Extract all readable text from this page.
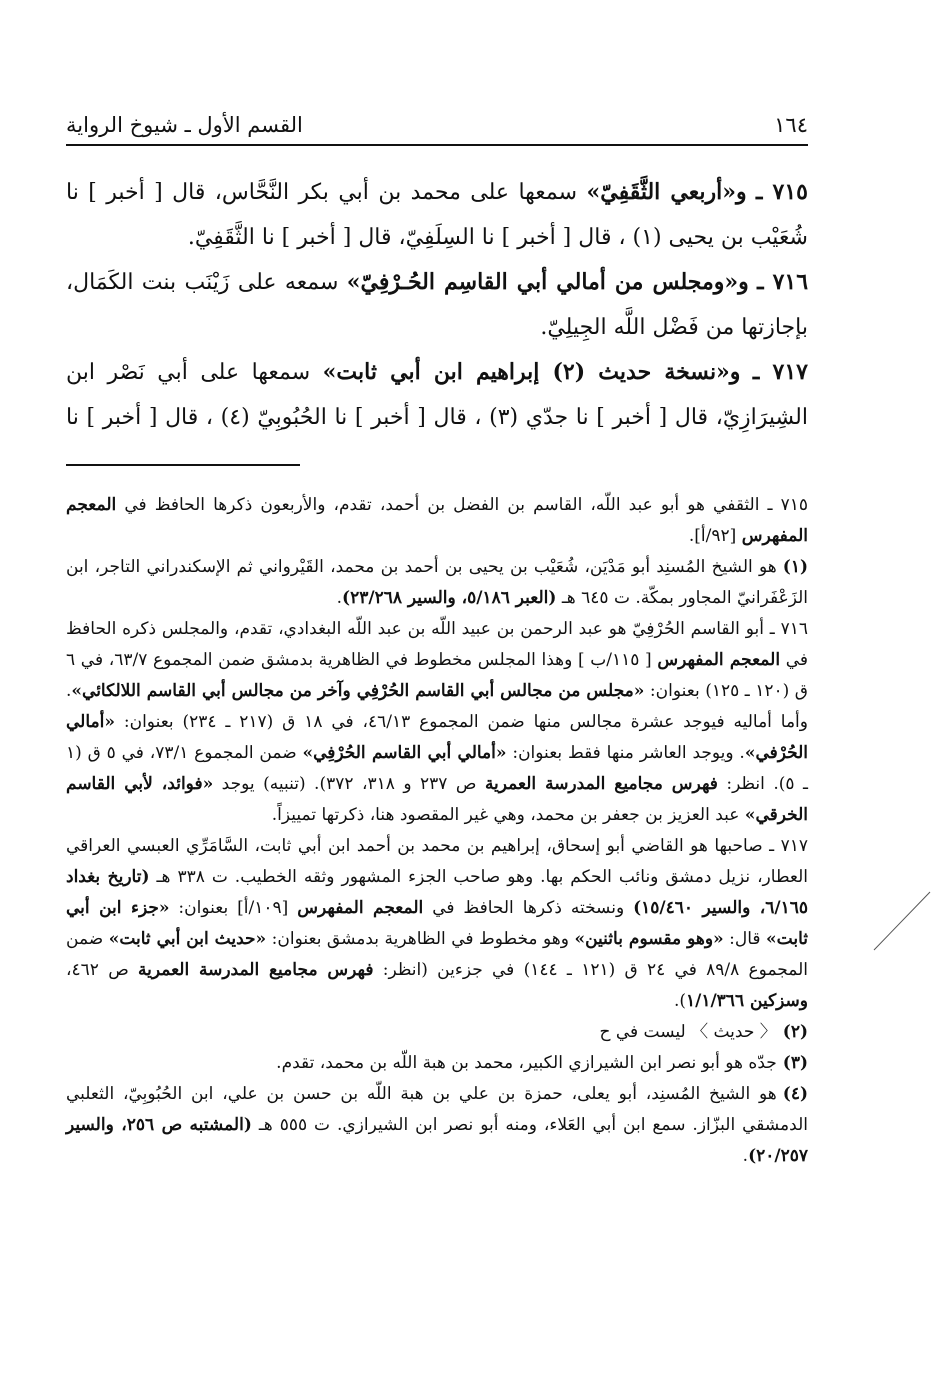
١٦٤
القسم الأول ـ شيوخ الرواية

٧١٥ ـ و«أربعي الثَّقَفِيّ» سمعها على محمد بن أبي بكر النَّحَّاس، قال [ أخبر ] نا شُعَيْب بن يحيى (١) ، قال [ أخبر ] نا السِلَفِيّ، قال [ أخبر ] نا الثَّقَفِيّ.

٧١٦ ـ و«ومجلس من أمالي أبي القاسِم الحُـرْفِيّ» سمعه على زَيْنَب بنت الكَمَال، بإجازتها من فَضْل اللَّه الجِيلِيّ.

٧١٧ ـ و«نسخة حديث (٢) إبراهيم ابن أبي ثابت» سمعها على أبي نَصْر ابن الشِيرَازِيّ، قال [ أخبر ] نا جدّي (٣) ، قال [ أخبر ] نا الحُبُوبِيّ (٤) ، قال [ أخبر ] نا

٧١٥ ـ الثقفي هو أبو عبد اللّه، القاسم بن الفضل بن أحمد، تقدم، والأربعون ذكرها الحافظ في المعجم المفهرس [٩٢/أ].

(١)هو الشيخ المُسنِد أبو مَدْيَن، شُعَيْب بن يحيى بن أحمد بن محمد، القَيْرواني ثم الإسكندراني التاجر، ابن الزَعْفَرانيّ المجاور بمكّة. ت ٦٤٥ هـ (العبر ٥/١٨٦، والسير ٢٣/٢٦٨).

٧١٦ ـ أبو القاسم الحُرْفِيّ هو عبد الرحمن بن عبيد اللّه بن عبد اللّه البغدادي، تقدم، والمجلس ذكره الحافظ في المعجم المفهرس [ ١١٥/ب ] وهذا المجلس مخطوط في الظاهرية بدمشق ضمن المجموع ٦٣/٧، في ٦ ق (١٢٠ ـ ١٢٥) بعنوان: «مجلس من مجالس أبي القاسم الحُرْفِي وآخر من مجالس أبي القاسم اللالكائي». وأما أماليه فيوجد عشرة مجالس منها ضمن المجموع ٤٦/١٣، في ١٨ ق (٢١٧ ـ ٢٣٤) بعنوان: «أمالي الحُرْفي». ويوجد العاشر منها فقط بعنوان: «أمالي أبي القاسم الحُرْفِي» ضمن المجموع ٧٣/١، في ٥ ق (١ ـ ٥). انظر: فهرس مجاميع المدرسة العمرية ص ٢٣٧ و ٣١٨، ٣٧٢). (تنبيه) يوجد «فوائد، لأبي القاسم الخرقي» عبد العزيز بن جعفر بن محمد، وهي غير المقصود هنا، ذكرتها تمييزاً.

٧١٧ ـ صاحبها هو القاضي أبو إسحاق، إبراهيم بن محمد بن أحمد ابن أبي ثابت، السَّامَرِّي العبسي العراقي العطار، نزيل دمشق ونائب الحكم بها. وهو صاحب الجزء المشهور وثقه الخطيب. ت ٣٣٨ هـ (تاريخ بغداد ٦/١٦٥، والسير ١٥/٤٦٠) ونسخته ذكرها الحافظ في المعجم المفهرس [١٠٩/أ] بعنوان: «جزء ابن أبي ثابت» قال: «وهو مقسوم باثنين» وهو مخطوط في الظاهرية بدمشق بعنوان: «حديث ابن أبي ثابت» ضمن المجموع ٨٩/٨ في ٢٤ ق (١٢١ ـ ١٤٤) في جزءين (انظر: فهرس مجاميع المدرسة العمرية ص ٤٦٢، وسزكين ١/١/٣٦٦).

(٢)〈 حديث 〉 ليست في ح

(٣)جدّه هو أبو نصر ابن الشيرازي الكبير، محمد بن هبة اللّه بن محمد، تقدم.

(٤)هو الشيخ المُسنِد، أبو يعلى، حمزة بن علي بن هبة اللّه بن حسن بن علي، ابن الحُبُوبِيّ، الثعلبي الدمشقي البزّاز. سمع ابن أبي العَلاء، ومنه أبو نصر ابن الشيرازي. ت ٥٥٥ هـ (المشتبه ص ٢٥٦، والسير ٢٠/٢٥٧).
